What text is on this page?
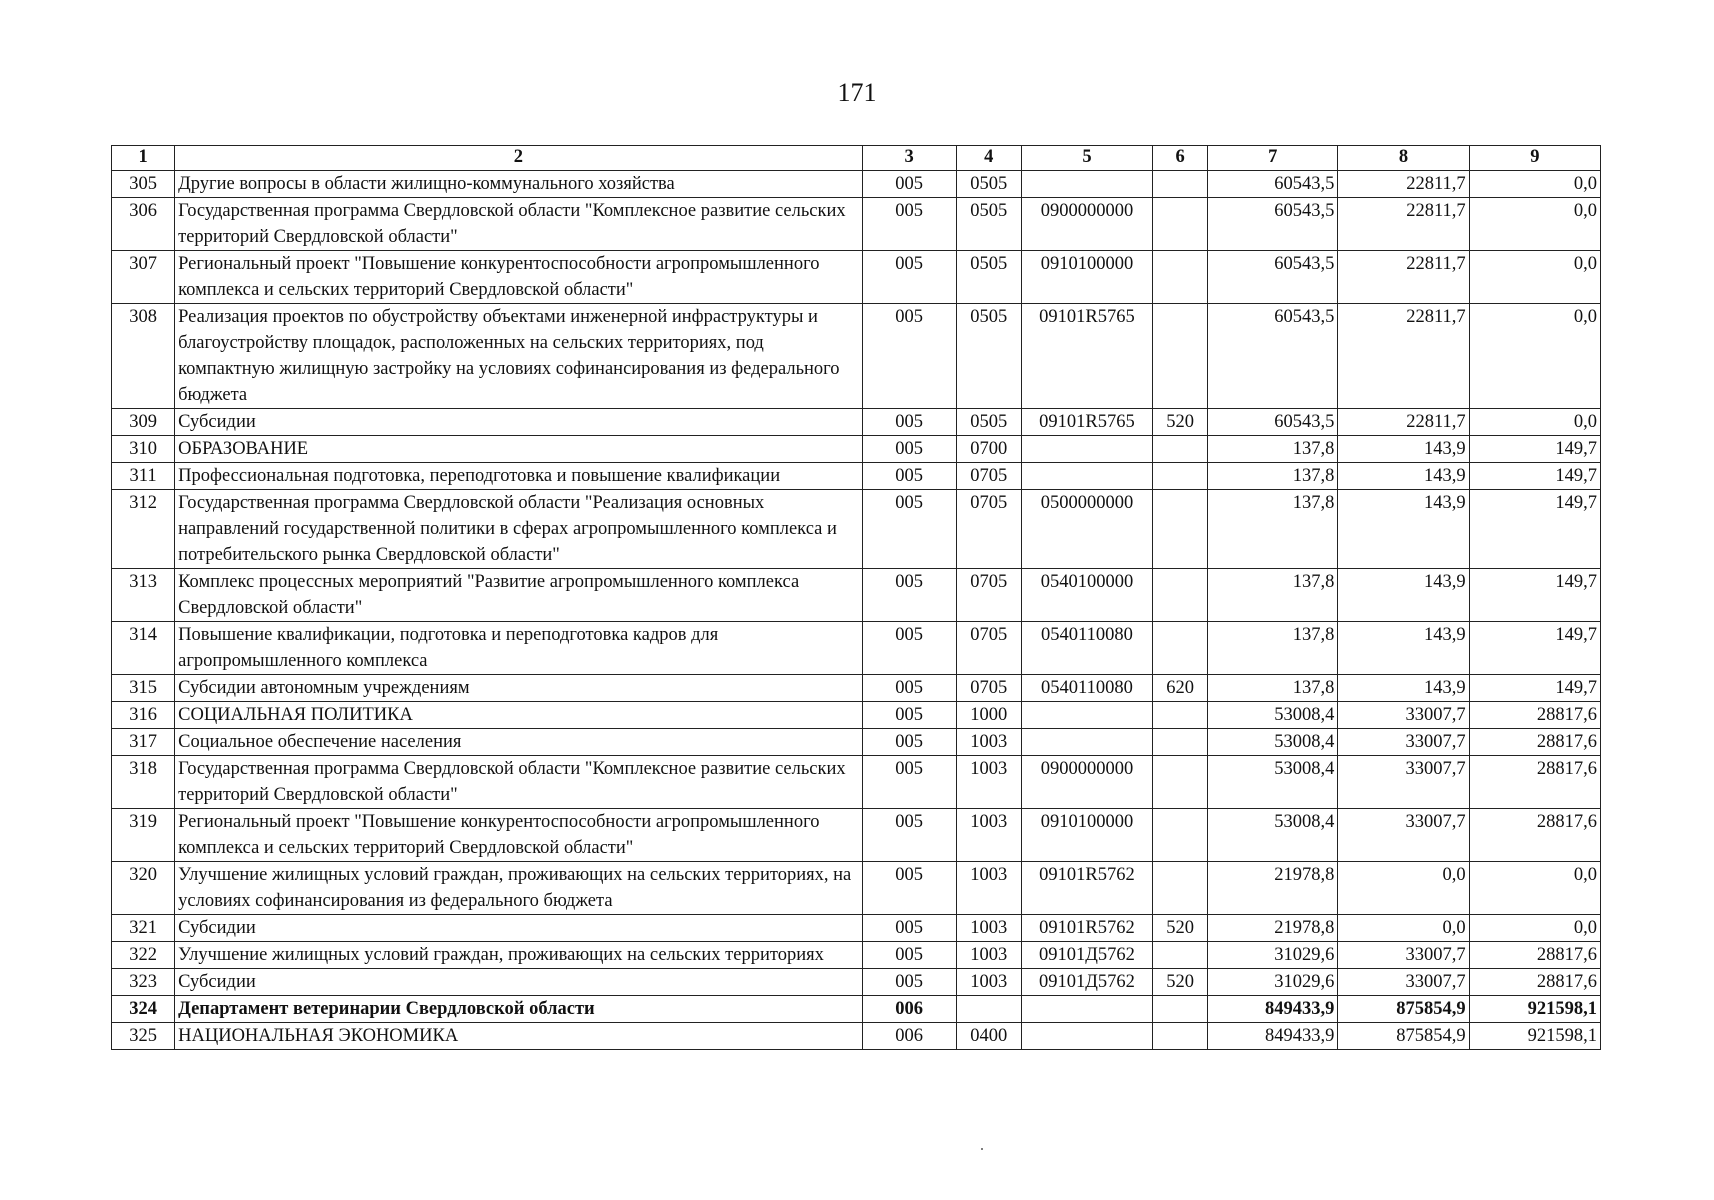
171
1	2	3	4	5	6	7	8	9
305	Другие вопросы в области жилищно-коммунального хозяйства	005	0505			60543,5	22811,7	0,0
306	Государственная программа Свердловской области "Комплексное развитие сельских территорий Свердловской области"	005	0505	0900000000		60543,5	22811,7	0,0
307	Региональный проект "Повышение конкурентоспособности агропромышленного комплекса и сельских территорий Свердловской области"	005	0505	0910100000		60543,5	22811,7	0,0
308	Реализация проектов по обустройству объектами инженерной инфраструктуры и благоустройству площадок, расположенных на сельских территориях, под компактную жилищную застройку на условиях софинансирования из федерального бюджета	005	0505	09101R5765		60543,5	22811,7	0,0
309	Субсидии	005	0505	09101R5765	520	60543,5	22811,7	0,0
310	ОБРАЗОВАНИЕ	005	0700			137,8	143,9	149,7
311	Профессиональная подготовка, переподготовка и повышение квалификации	005	0705			137,8	143,9	149,7
312	Государственная программа Свердловской области "Реализация основных направлений государственной политики в сферах агропромышленного комплекса и потребительского рынка Свердловской области"	005	0705	0500000000		137,8	143,9	149,7
313	Комплекс процессных мероприятий "Развитие агропромышленного комплекса Свердловской области"	005	0705	0540100000		137,8	143,9	149,7
314	Повышение квалификации, подготовка и переподготовка кадров для агропромышленного комплекса	005	0705	0540110080		137,8	143,9	149,7
315	Субсидии автономным учреждениям	005	0705	0540110080	620	137,8	143,9	149,7
316	СОЦИАЛЬНАЯ ПОЛИТИКА	005	1000			53008,4	33007,7	28817,6
317	Социальное обеспечение населения	005	1003			53008,4	33007,7	28817,6
318	Государственная программа Свердловской области "Комплексное развитие сельских территорий Свердловской области"	005	1003	0900000000		53008,4	33007,7	28817,6
319	Региональный проект "Повышение конкурентоспособности агропромышленного комплекса и сельских территорий Свердловской области"	005	1003	0910100000		53008,4	33007,7	28817,6
320	Улучшение жилищных условий граждан, проживающих на сельских территориях, на условиях софинансирования из федерального бюджета	005	1003	09101R5762		21978,8	0,0	0,0
321	Субсидии	005	1003	09101R5762	520	21978,8	0,0	0,0
322	Улучшение жилищных условий граждан, проживающих на сельских территориях	005	1003	09101Д5762		31029,6	33007,7	28817,6
323	Субсидии	005	1003	09101Д5762	520	31029,6	33007,7	28817,6
324	Департамент ветеринарии Свердловской области	006				849433,9	875854,9	921598,1
325	НАЦИОНАЛЬНАЯ ЭКОНОМИКА	006	0400			849433,9	875854,9	921598,1
